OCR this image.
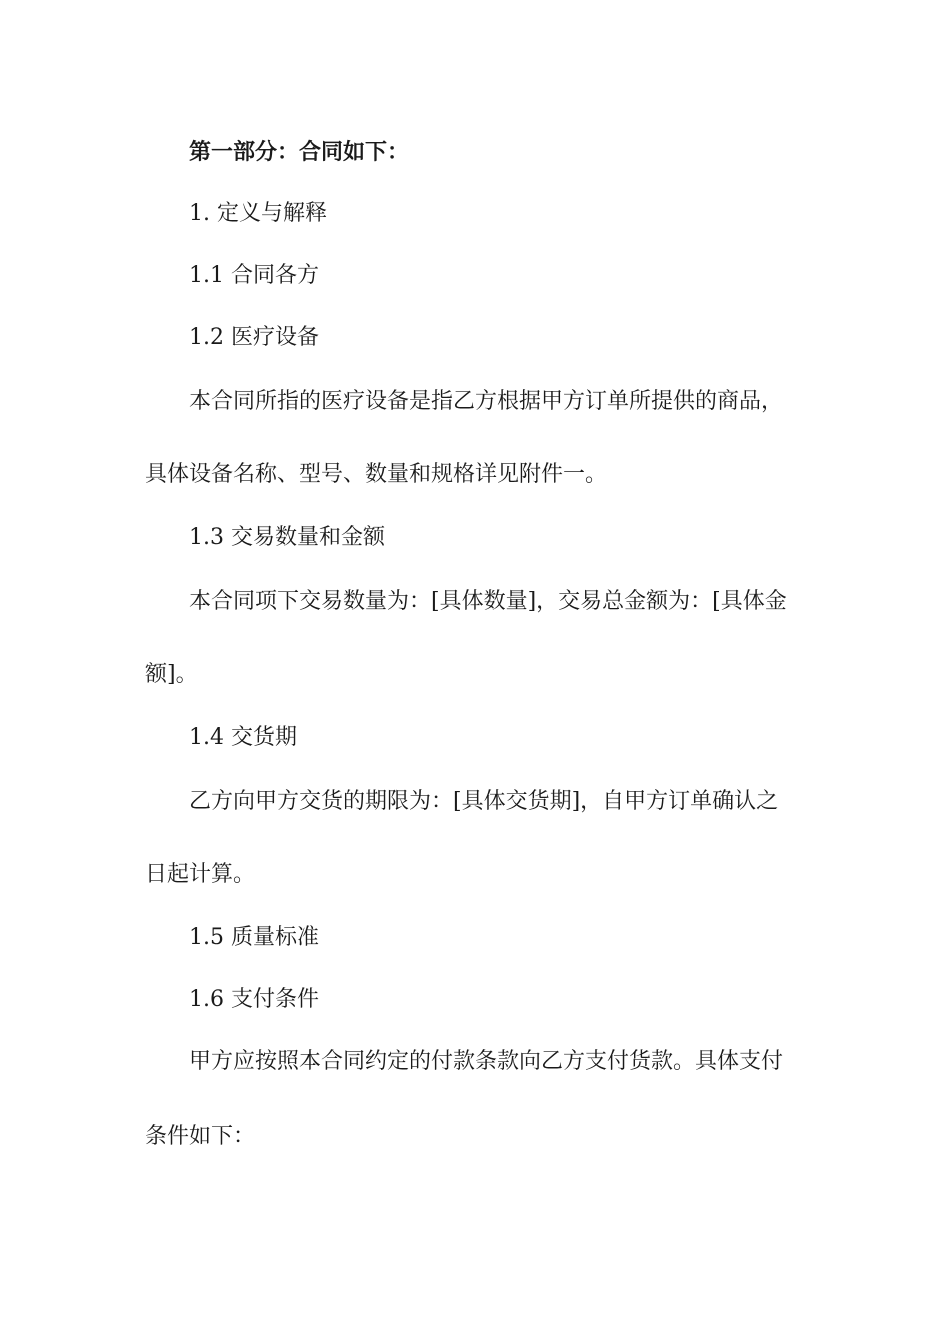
第一部分：合同如下：
1. 定义与解释
1.1 合同各方
1.2 医疗设备
本合同所指的医疗设备是指乙方根据甲方订单所提供的商品，
具体设备名称、型号、数量和规格详见附件一。
1.3 交易数量和金额
本合同项下交易数量为：[具体数量]，交易总金额为：[具体金
额]。
1.4 交货期
乙方向甲方交货的期限为：[具体交货期]，自甲方订单确认之
日起计算。
1.5 质量标准
1.6 支付条件
甲方应按照本合同约定的付款条款向乙方支付货款。具体支付
条件如下：
